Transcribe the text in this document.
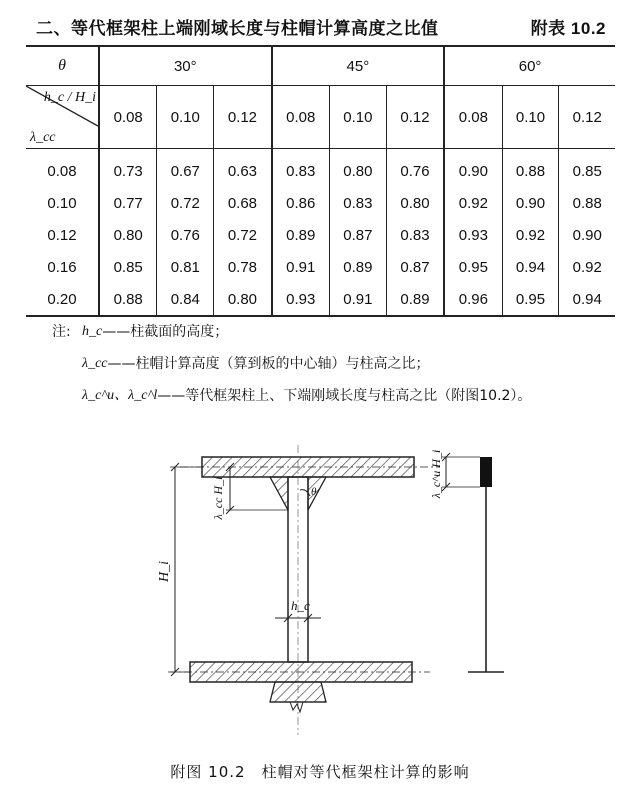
二、等代框架柱上端刚域长度与柱帽计算高度之比值	附表 10.2
θ	30°			45°			60°		

h_c / H_i
λ_cc	0.08	0.10	0.12	0.08	0.10	0.12	0.08	0.10	0.12
0.08	0.73	0.67	0.63	0.83	0.80	0.76	0.90	0.88	0.85
0.10	0.77	0.72	0.68	0.86	0.83	0.80	0.92	0.90	0.88
0.12	0.80	0.76	0.72	0.89	0.87	0.83	0.93	0.92	0.90
0.16	0.85	0.81	0.78	0.91	0.89	0.87	0.95	0.94	0.92
0.20	0.88	0.84	0.80	0.93	0.91	0.89	0.96	0.95	0.94
注: h_c ——柱截面的高度；
λ_cc ——柱帽计算高度（算到板的中心轴）与柱高之比；
λ_c^u、λ_c^l ——等代框架柱上、下端刚域长度与柱高之比（附图10.2）。
H_i
λ_cc H_i
h_c
θ	λ_c^u H_i
附图 10.2　柱帽对等代框架柱计算的影响
